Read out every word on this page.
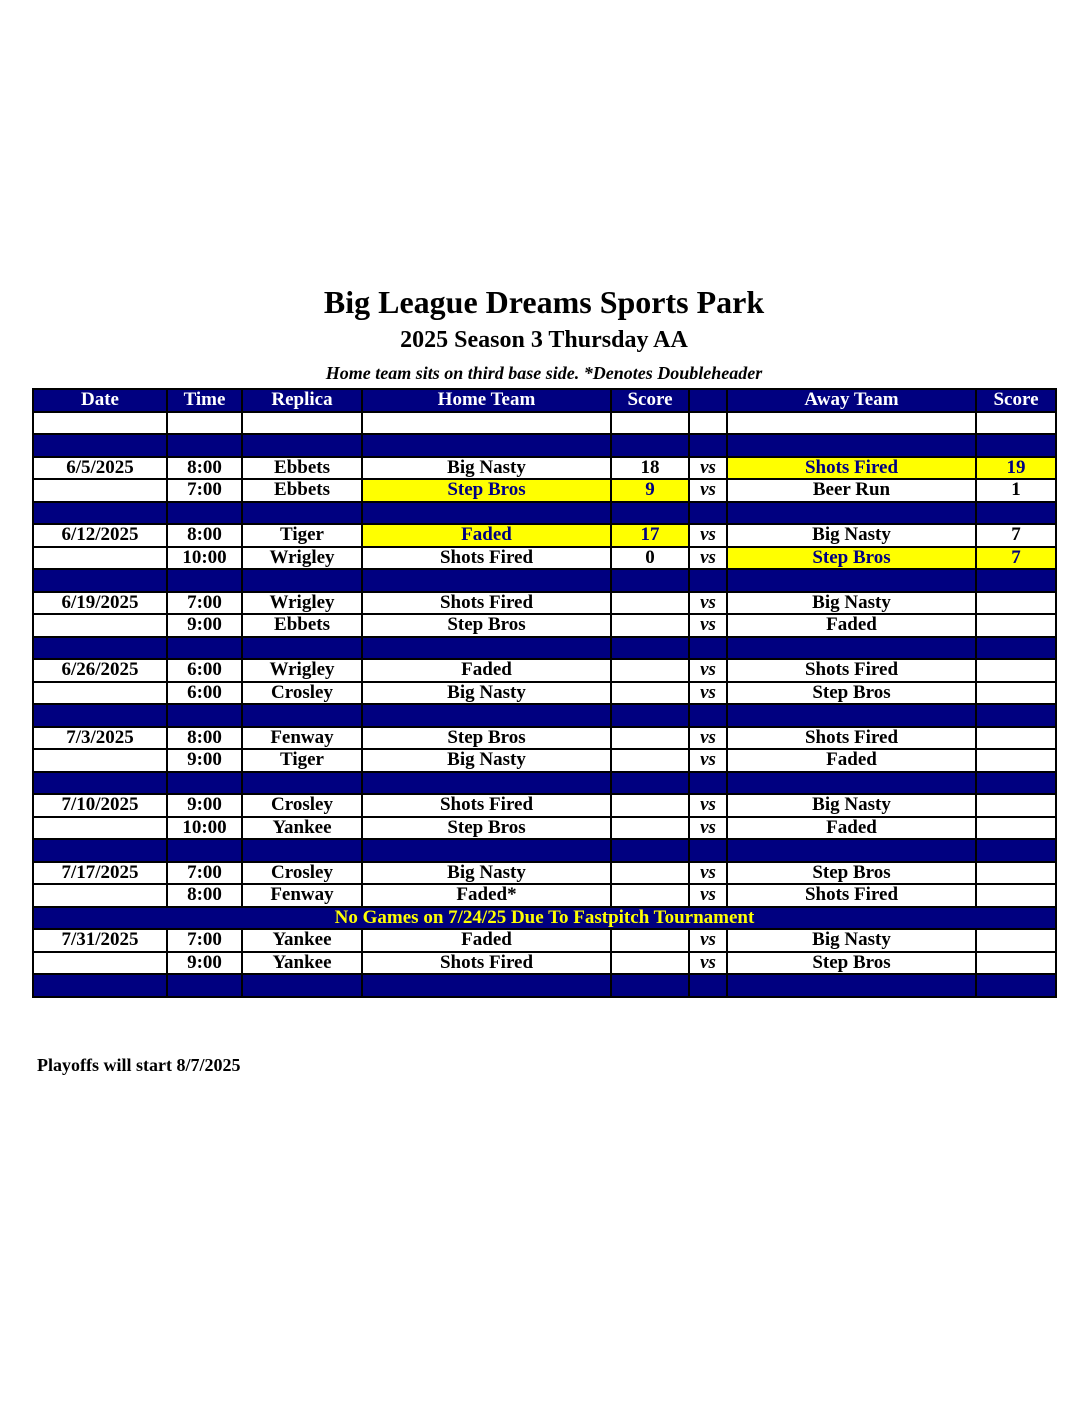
Big League Dreams Sports Park
2025 Season 3 Thursday AA
Home team sits on third base side. *Denotes Doubleheader
Date	Time	Replica	Home Team	Score		Away Team	Score

6/5/2025	8:00	Ebbets	Big Nasty	18	vs	Shots Fired	19
	7:00	Ebbets	Step Bros	9	vs	Beer Run	1

6/12/2025	8:00	Tiger	Faded	17	vs	Big Nasty	7
	10:00	Wrigley	Shots Fired	0	vs	Step Bros	7

6/19/2025	7:00	Wrigley	Shots Fired		vs	Big Nasty	
	9:00	Ebbets	Step Bros		vs	Faded	

6/26/2025	6:00	Wrigley	Faded		vs	Shots Fired	
	6:00	Crosley	Big Nasty		vs	Step Bros	

7/3/2025	8:00	Fenway	Step Bros		vs	Shots Fired	
	9:00	Tiger	Big Nasty		vs	Faded	

7/10/2025	9:00	Crosley	Shots Fired		vs	Big Nasty	
	10:00	Yankee	Step Bros		vs	Faded	

7/17/2025	7:00	Crosley	Big Nasty		vs	Step Bros	
	8:00	Fenway	Faded*		vs	Shots Fired	
No Games on 7/24/25 Due To Fastpitch Tournament							
7/31/2025	7:00	Yankee	Faded		vs	Big Nasty	
	9:00	Yankee	Shots Fired		vs	Step Bros	

Playoffs will start 8/7/2025
